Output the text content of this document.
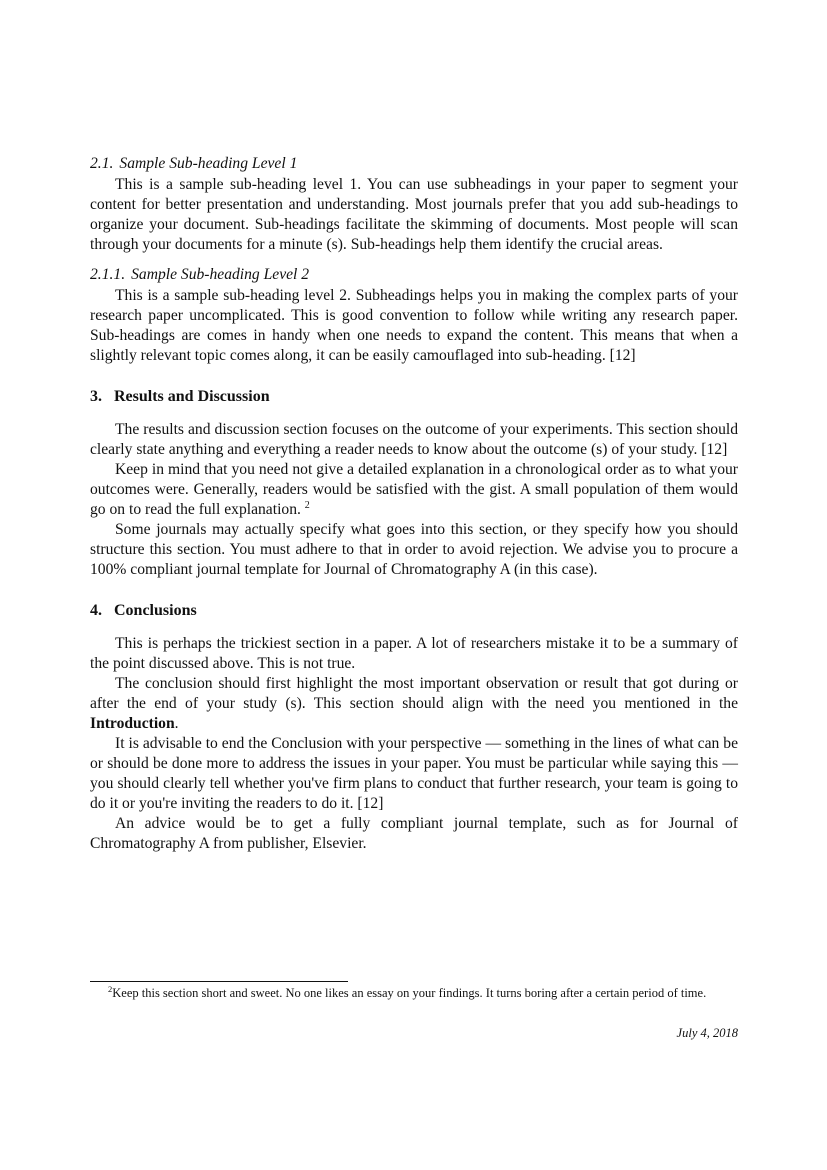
2.1. Sample Sub-heading Level 1

This is a sample sub-heading level 1. You can use subheadings in your paper to segment your content for better presentation and understanding. Most journals prefer that you add sub-headings to organize your document. Sub-headings facilitate the skimming of documents. Most people will scan through your documents for a minute (s). Sub-headings help them identify the crucial areas.

2.1.1. Sample Sub-heading Level 2

This is a sample sub-heading level 2. Subheadings helps you in making the complex parts of your research paper uncomplicated. This is good convention to follow while writing any research paper. Sub-headings are comes in handy when one needs to expand the content. This means that when a slightly relevant topic comes along, it can be easily camouflaged into sub-heading. [12]

3. Results and Discussion

The results and discussion section focuses on the outcome of your experiments. This section should clearly state anything and everything a reader needs to know about the outcome (s) of your study. [12]

Keep in mind that you need not give a detailed explanation in a chronological order as to what your outcomes were. Generally, readers would be satisfied with the gist. A small population of them would go on to read the full explanation. $^2$

Some journals may actually specify what goes into this section, or they specify how you should structure this section. You must adhere to that in order to avoid rejection. We advise you to procure a 100% compliant journal template for Journal of Chromatography A (in this case).

4. Conclusions

This is perhaps the trickiest section in a paper. A lot of researchers mistake it to be a summary of the point discussed above. This is not true.

The conclusion should first highlight the most important observation or result that got during or after the end of your study (s). This section should align with the need you mentioned in the Introduction.

It is advisable to end the Conclusion with your perspective — something in the lines of what can be or should be done more to address the issues in your paper. You must be particular while saying this — you should clearly tell whether you've firm plans to conduct that further research, your team is going to do it or you're inviting the readers to do it. [12]

An advice would be to get a fully compliant journal template, such as for Journal of Chromatography A from publisher, Elsevier.

$^2$Keep this section short and sweet. No one likes an essay on your findings. It turns boring after a certain period of time.

July 4, 2018
